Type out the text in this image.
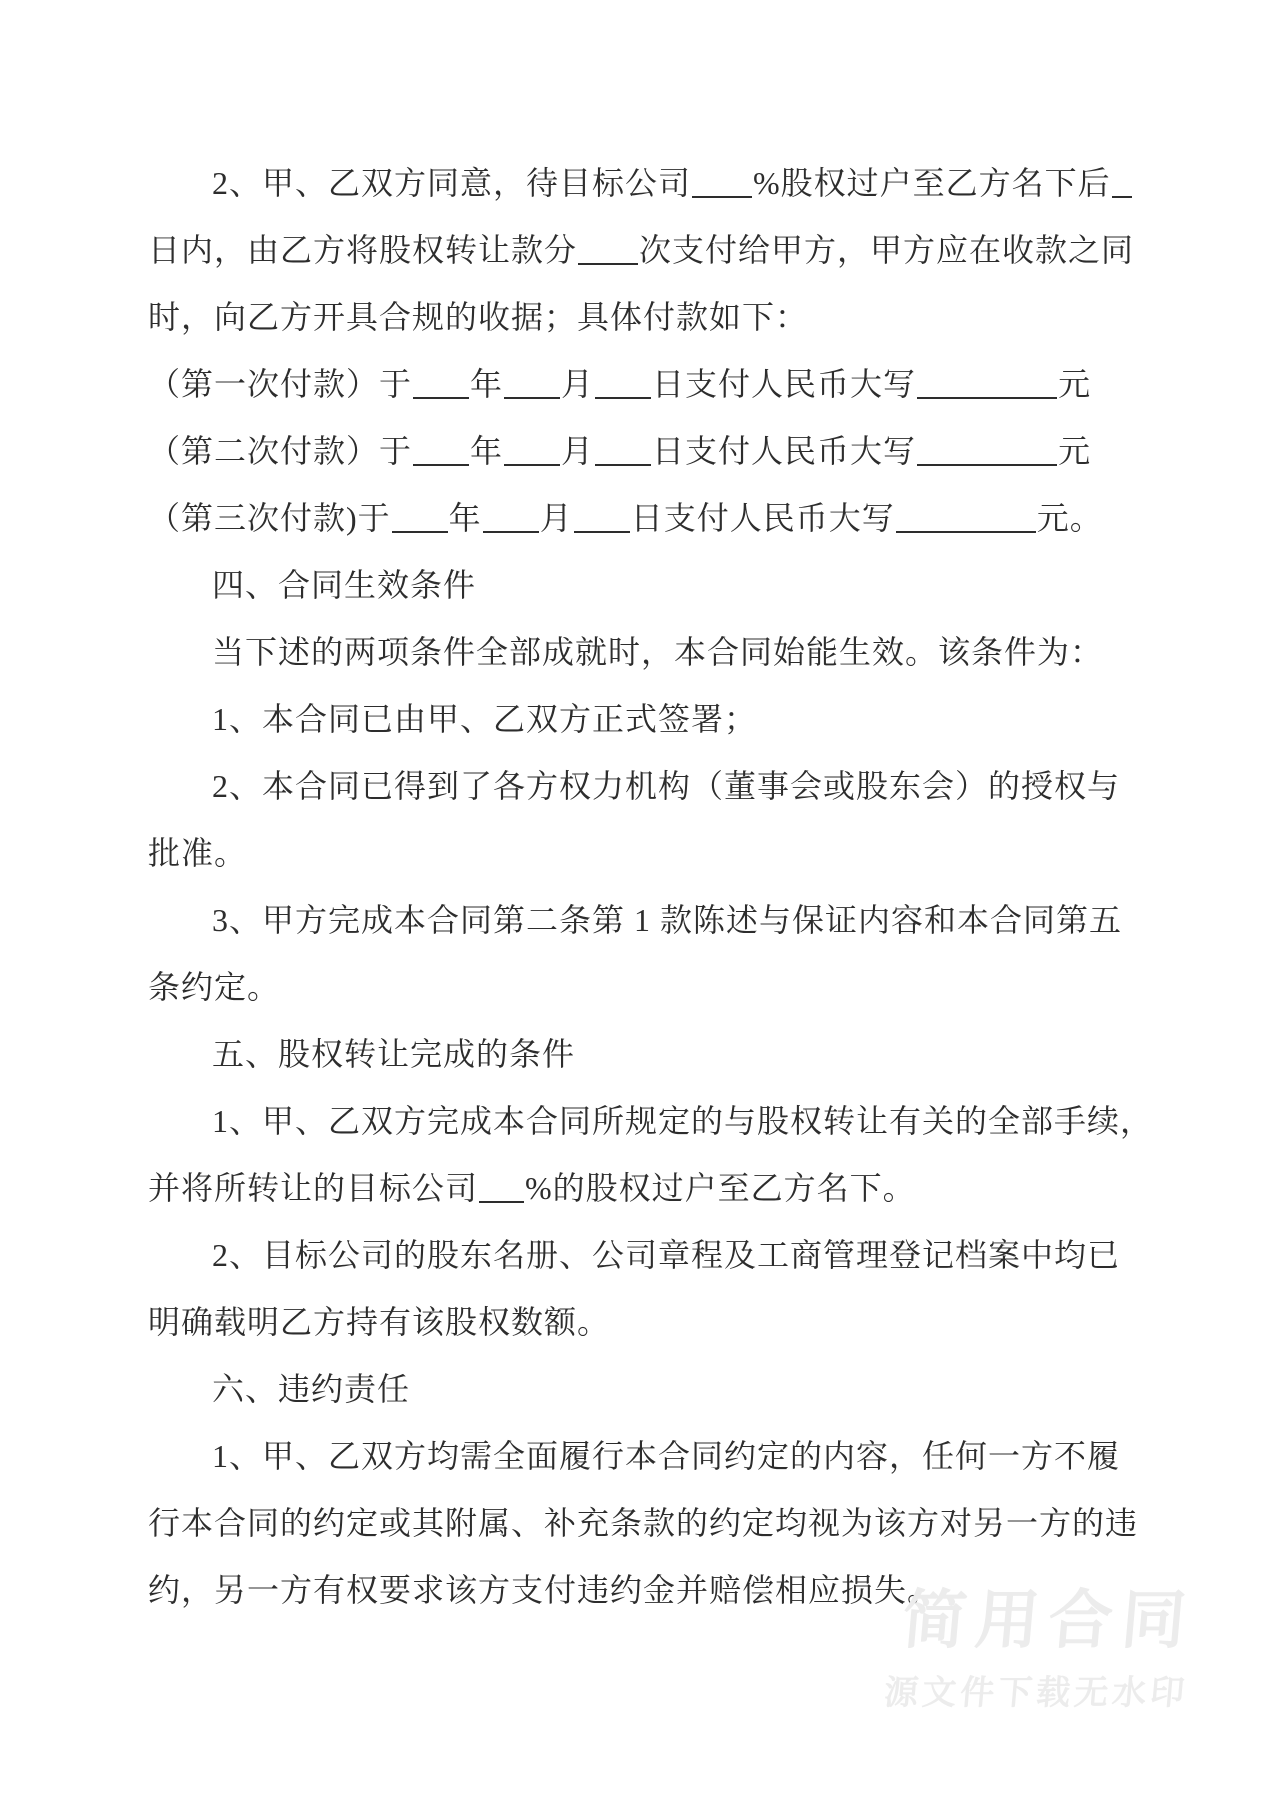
2、甲、乙双方同意，待目标公司 %股权过户至乙方名下后
日内，由乙方将股权转让款分 次支付给甲方，甲方应在收款之同
时，向乙方开具合规的收据；具体付款如下：
（第一次付款）于 年 月 日支付人民币大写	元
（第二次付款）于 年 月 日支付人民币大写	元
（第三次付款)于 年 月 日支付人民币大写	元。
四、合同生效条件
当下述的两项条件全部成就时，本合同始能生效。该条件为：
1、本合同已由甲、乙双方正式签署；
2、本合同已得到了各方权力机构（董事会或股东会）的授权与
批准。
3、甲方完成本合同第二条第 1 款陈述与保证内容和本合同第五
条约定。
五、股权转让完成的条件
1、甲、乙双方完成本合同所规定的与股权转让有关的全部手续，
并将所转让的目标公司 %的股权过户至乙方名下。
2、目标公司的股东名册、公司章程及工商管理登记档案中均已
明确载明乙方持有该股权数额。
六、违约责任
1、甲、乙双方均需全面履行本合同约定的内容，任何一方不履
行本合同的约定或其附属、补充条款的约定均视为该方对另一方的违
约，另一方有权要求该方支付违约金并赔偿相应损失。
简用合同
源文件下载无水印
